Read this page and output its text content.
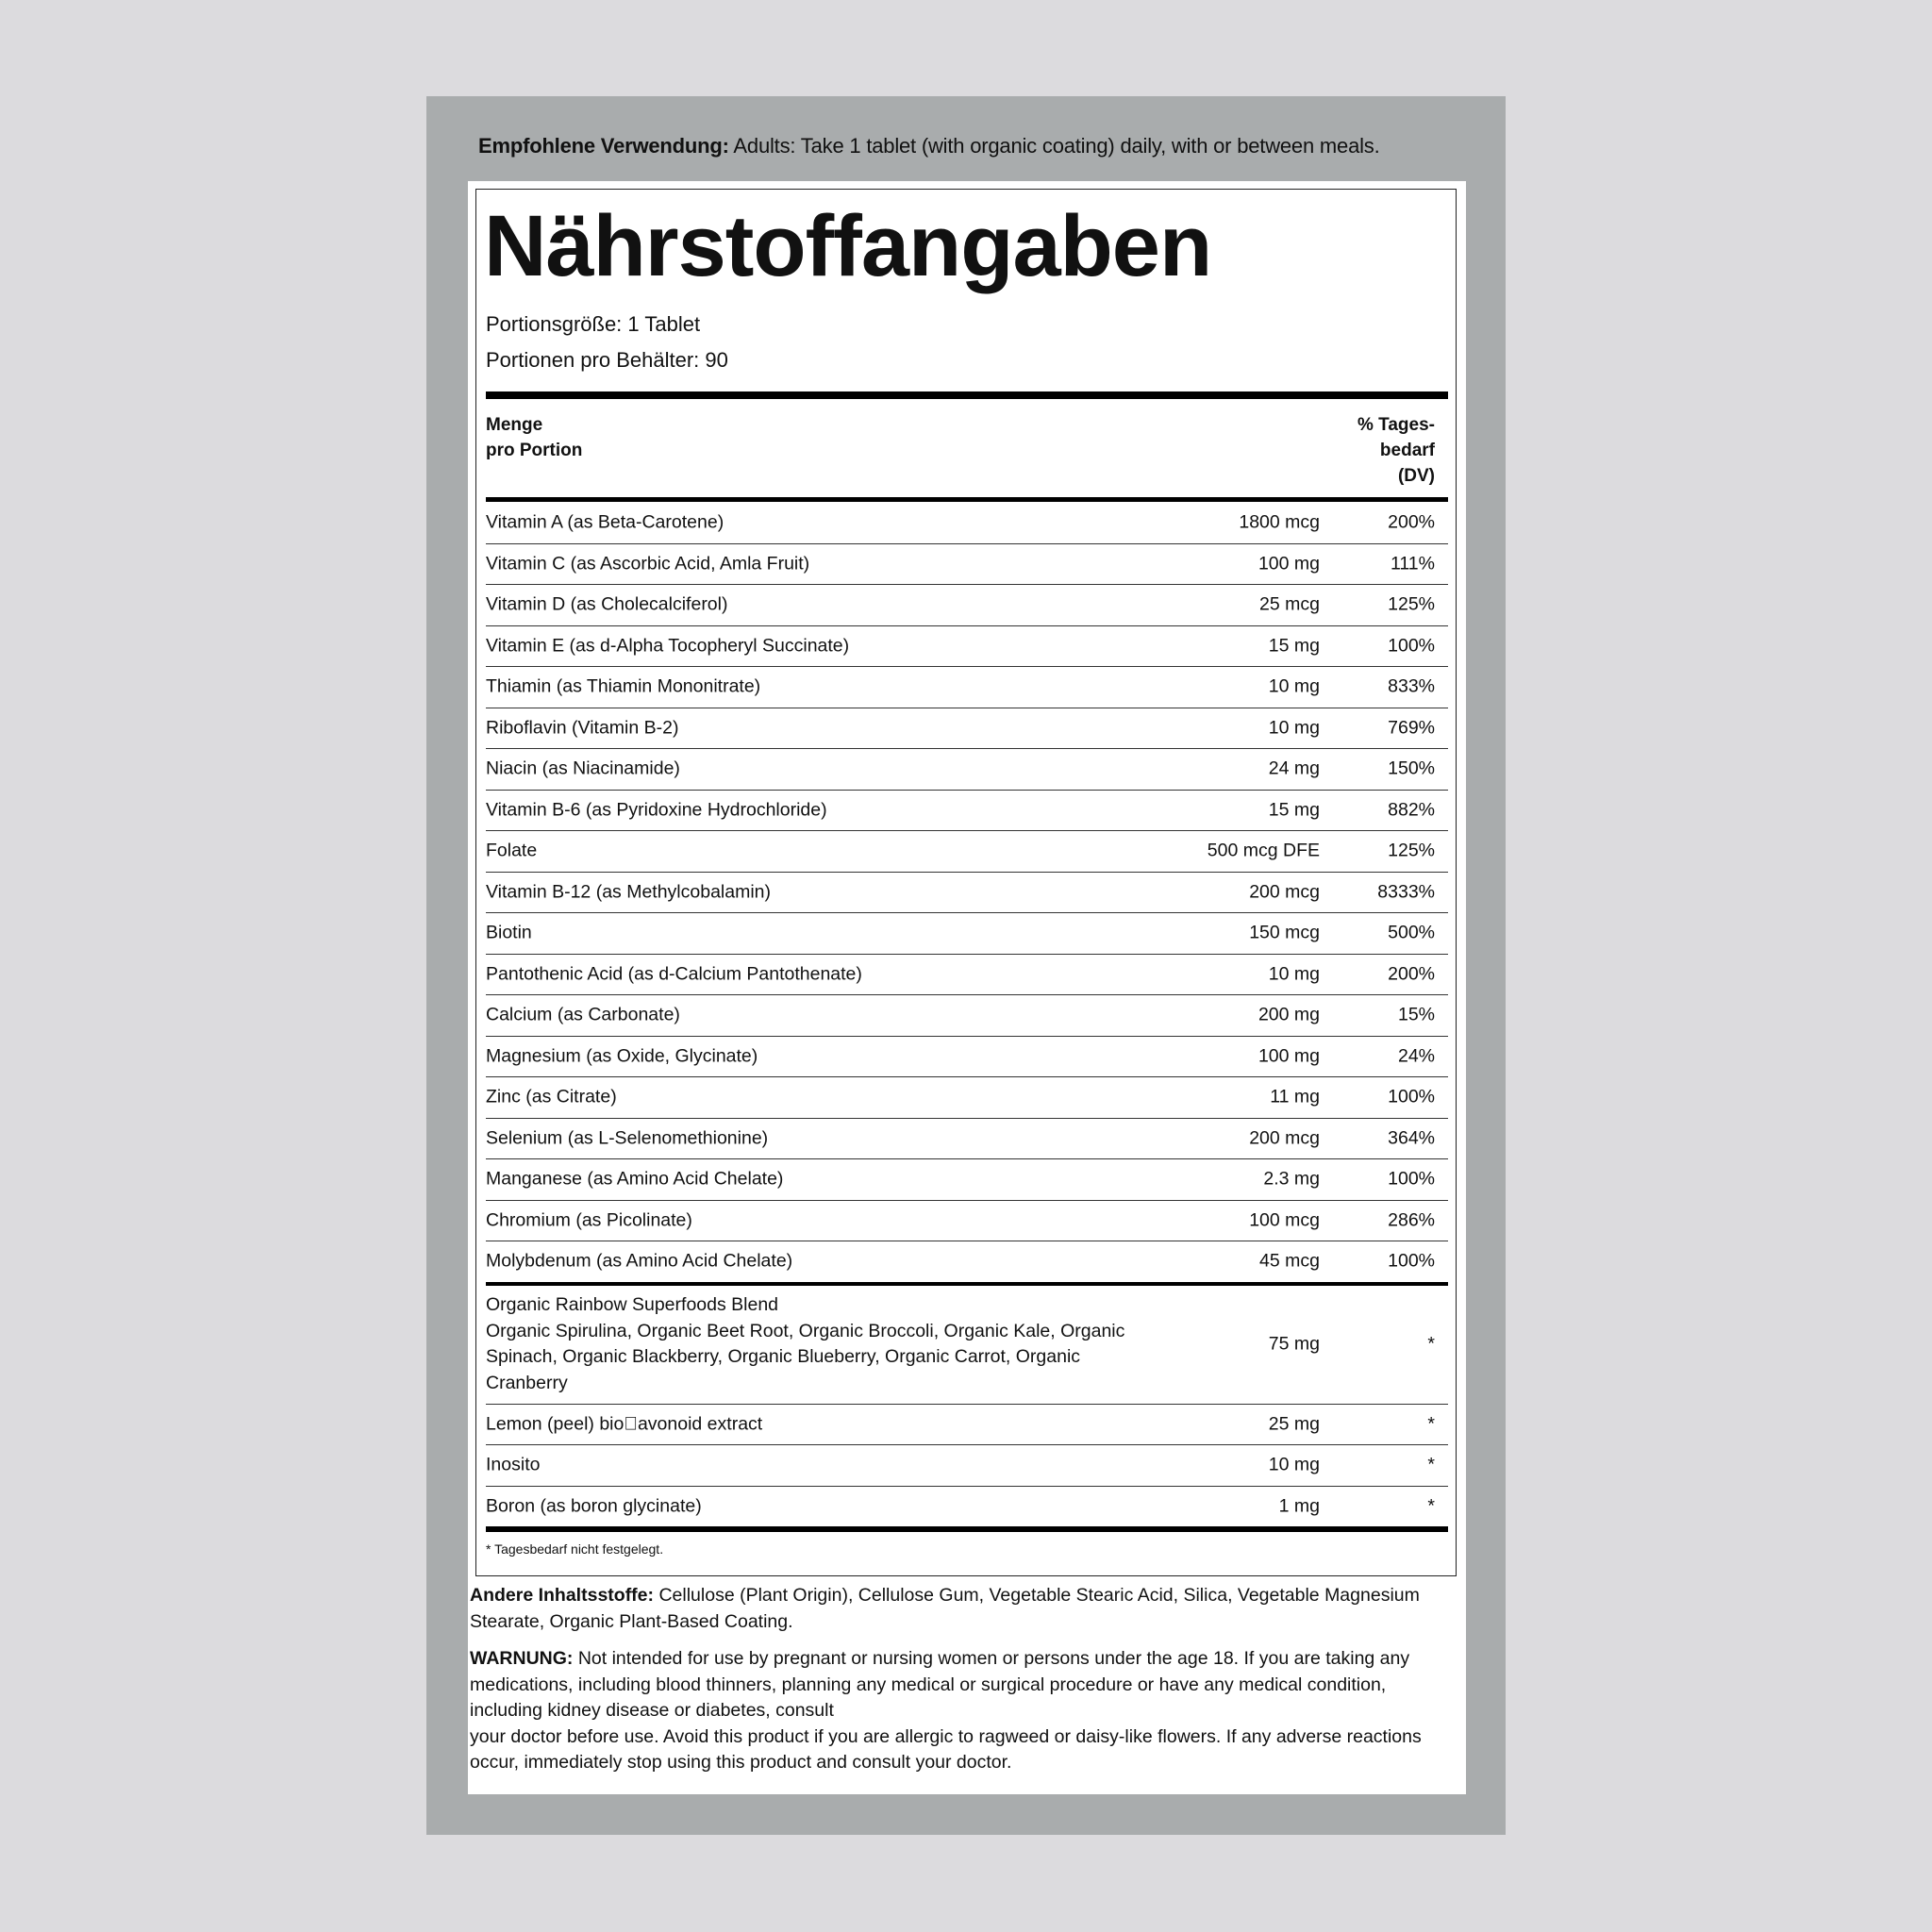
Empfohlene Verwendung: Adults: Take 1 tablet (with organic coating) daily, with or between meals.
Nährstoffangaben
Portionsgröße: 1 Tablet
Portionen pro Behälter: 90
Menge
pro Portion
% Tages-
bedarf
(DV)
Vitamin A (as Beta-Carotene)	1800 mcg	200%
Vitamin C (as Ascorbic Acid, Amla Fruit)	100 mg	111%
Vitamin D (as Cholecalciferol)	25 mcg	125%
Vitamin E (as d-Alpha Tocopheryl Succinate)	15 mg	100%
Thiamin (as Thiamin Mononitrate)	10 mg	833%
Riboflavin (Vitamin B-2)	10 mg	769%
Niacin (as Niacinamide)	24 mg	150%
Vitamin B-6 (as Pyridoxine Hydrochloride)	15 mg	882%
Folate	500 mcg DFE	125%
Vitamin B-12 (as Methylcobalamin)	200 mcg	8333%
Biotin	150 mcg	500%
Pantothenic Acid (as d-Calcium Pantothenate)	10 mg	200%
Calcium (as Carbonate)	200 mg	15%
Magnesium (as Oxide, Glycinate)	100 mg	24%
Zinc (as Citrate)	11 mg	100%
Selenium (as L-Selenomethionine)	200 mcg	364%
Manganese (as Amino Acid Chelate)	2.3 mg	100%
Chromium (as Picolinate)	100 mcg	286%
Molybdenum (as Amino Acid Chelate)	45 mcg	100%
Organic Rainbow Superfoods Blend
Organic Spirulina, Organic Beet Root, Organic Broccoli, Organic Kale, Organic Spinach, Organic Blackberry, Organic Blueberry, Organic Carrot, Organic Cranberry
75 mg	*
Lemon (peel) bio avonoid extract	25 mg	*
Inosito	10 mg	*
Boron (as boron glycinate)	1 mg	*
* Tagesbedarf nicht festgelegt.
Andere Inhaltsstoffe: Cellulose (Plant Origin), Cellulose Gum, Vegetable Stearic Acid, Silica, Vegetable Magnesium Stearate, Organic Plant-Based Coating.
WARNUNG: Not intended for use by pregnant or nursing women or persons under the age 18. If you are taking any medications, including blood thinners, planning any medical or surgical procedure or have any medical condition, including kidney disease or diabetes, consult
your doctor before use. Avoid this product if you are allergic to ragweed or daisy-like flowers. If any adverse reactions occur, immediately stop using this product and consult your doctor.
